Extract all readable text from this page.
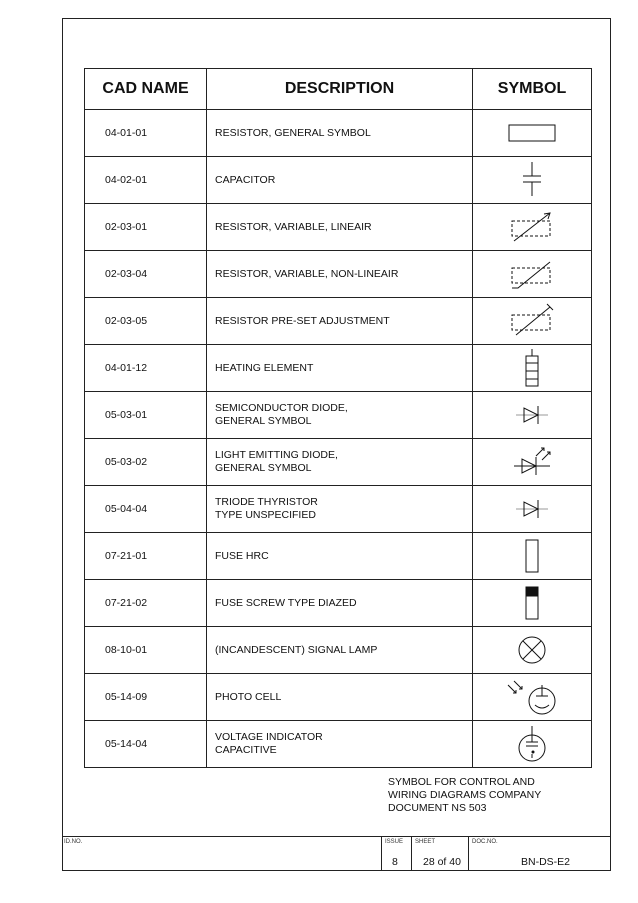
CAD NAME	DESCRIPTION	SYMBOL
04-01-01	RESISTOR, GENERAL SYMBOL

04-02-01	CAPACITOR

02-03-01	RESISTOR, VARIABLE, LINEAIR

02-03-04	RESISTOR, VARIABLE, NON-LINEAIR

02-03-05	RESISTOR PRE-SET ADJUSTMENT

04-01-12	HEATING ELEMENT

05-03-01	SEMICONDUCTOR DIODE,
GENERAL SYMBOL

05-03-02	LIGHT EMITTING DIODE,
GENERAL SYMBOL

05-04-04	TRIODE THYRISTOR
TYPE UNSPECIFIED

07-21-01	FUSE HRC

07-21-02	FUSE SCREW TYPE DIAZED

08-10-01	(INCANDESCENT) SIGNAL LAMP

05-14-09	PHOTO CELL

05-14-04	VOLTAGE INDICATOR
CAPACITIVE

SYMBOL FOR CONTROL AND
WIRING DIAGRAMS COMPANY
DOCUMENT NS 503
ID.NO.	ISSUE SHEET	DOC.NO.
8 28 of 40	BN-DS-E2
